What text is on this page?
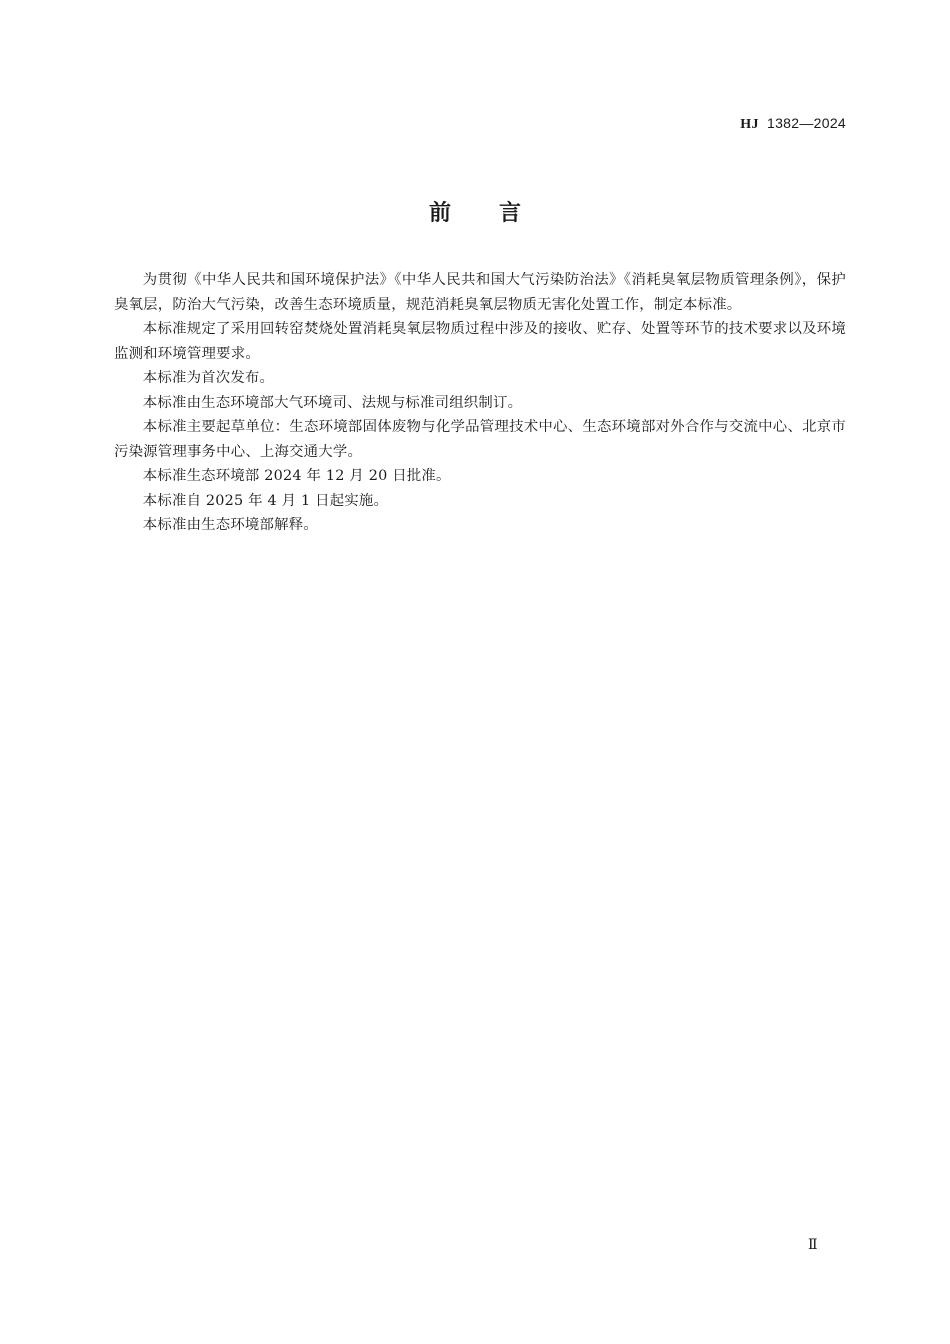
HJ 1382—2024
前言

为贯彻《中华人民共和国环境保护法》《中华人民共和国大气污染防治法》《消耗臭氧层物质管理条例》，保护臭氧层，防治大气污染，改善生态环境质量，规范消耗臭氧层物质无害化处置工作，制定本标准。

本标准规定了采用回转窑焚烧处置消耗臭氧层物质过程中涉及的接收、贮存、处置等环节的技术要求以及环境监测和环境管理要求。

本标准为首次发布。

本标准由生态环境部大气环境司、法规与标准司组织制订。

本标准主要起草单位：生态环境部固体废物与化学品管理技术中心、生态环境部对外合作与交流中心、北京市污染源管理事务中心、上海交通大学。

本标准生态环境部 2024 年 12 月 20 日批准。

本标准自 2025 年 4 月 1 日起实施。

本标准由生态环境部解释。

Ⅱ
